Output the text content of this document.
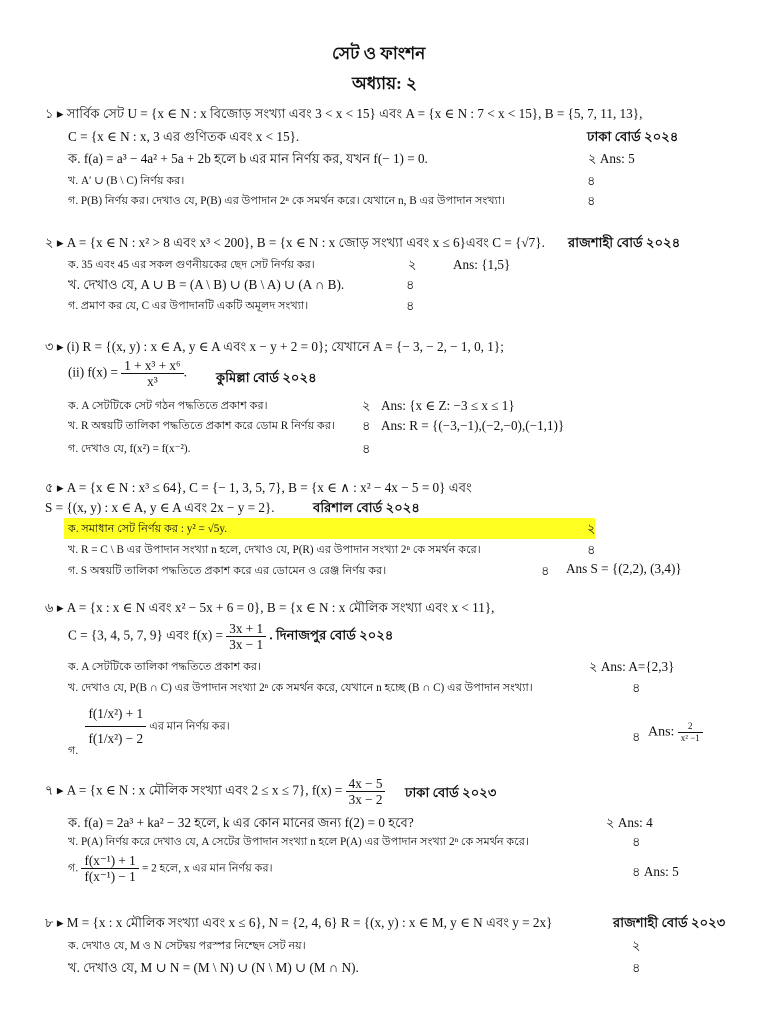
সেট ও ফাংশন
অধ্যায়: ২
১ ▸ সার্বিক সেট U = {x ∈ N : x বিজোড় সংখ্যা এবং 3 < x < 15} এবং A = {x ∈ N : 7 < x < 15}, B = {5, 7, 11, 13},
C = {x ∈ N : x, 3 এর গুণিতক এবং x < 15}.	ঢাকা বোর্ড ২০২৪
ক. f(a) = a³ − 4a² + 5a + 2b হলে b এর মান নির্ণয় কর, যখন f(− 1) = 0.	২ Ans: 5
খ. A′ ∪ (B \ C) নির্ণয় কর।	৪
গ. P(B) নির্ণয় কর। দেখাও যে, P(B) এর উপাদান 2ⁿ কে সমর্থন করে। যেখানে n, B এর উপাদান সংখ্যা।	৪
২ ▸ A = {x ∈ N : x² > 8 এবং x³ < 200}, B = {x ∈ N : x জোড় সংখ্যা এবং x ≤ 6}এবং C = {√7}. রাজশাহী বোর্ড ২০২৪
ক. 35 এবং 45 এর সকল গুণনীয়কের ছেদ সেট নির্ণয় কর।	২	Ans: {1,5}
খ. দেখাও যে, A ∪ B = (A \ B) ∪ (B \ A) ∪ (A ∩ B).	৪
গ. প্রমাণ কর যে, C এর উপাদানটি একটি অমূলদ সংখ্যা।	৪
৩ ▸ (i) R = {(x, y) : x ∈ A, y ∈ A এবং x − y + 2 = 0}; যেখানে A = {− 3, − 2, − 1, 0, 1};
(ii) $f(x) = \frac{\text{1 + x³ + x⁶}}{\text{x³}}$ . কুমিল্লা বোর্ড ২০২৪
ক. A সেটটিকে সেট গঠন পদ্ধতিতে প্রকাশ কর।	২ Ans: {x ∈ Z: −3 ≤ x ≤ 1}
খ. R অন্বয়টি তালিকা পদ্ধতিতে প্রকাশ করে ডোম R নির্ণয় কর। ৪ Ans: R = {(−3,−1),(−2,−0),(−1,1)}
গ. দেখাও যে, f(x²) = f(x⁻²).	৪
৫ ▸ A = {x ∈ N : x³ ≤ 64}, C = {− 1, 3, 5, 7}, B = {x ∈ ∧ : x² − 4x − 5 = 0} এবং
S = {(x, y) : x ∈ A, y ∈ A এবং 2x − y = 2}.	বরিশাল বোর্ড ২০২৪
ক. সমাধান সেট নির্ণয় কর : y² = √5y.	২
খ. R = C \ B এর উপাদান সংখ্যা n হলে, দেখাও যে, P(R) এর উপাদান সংখ্যা 2ⁿ কে সমর্থন করে।	৪
গ. S অন্বয়টি তালিকা পদ্ধতিতে প্রকাশ করে এর ডোমেন ও রেঞ্জ নির্ণয় কর।	৪ Ans S = {(2,2), (3,4)}
৬ ▸ A = {x : x ∈ N এবং x² − 5x + 6 = 0}, B = {x ∈ N : x মৌলিক সংখ্যা এবং x < 11},
C = {3, 4, 5, 7, 9} এবং $f(x) = \frac{3x + 1}{3x - 1}$ . দিনাজপুর বোর্ড ২০২৪
ক. A সেটটিকে তালিকা পদ্ধতিতে প্রকাশ কর।	২ Ans: A={2,3}
খ. দেখাও যে, P(B ∩ C) এর উপাদান সংখ্যা 2ⁿ কে সমর্থন করে, যেখানে n হচ্ছে (B ∩ C) এর উপাদান সংখ্যা।	৪
$_{গ.} \frac{\text{f(1/x²) + 1}}{\text{f(1/x²) − 2}}$ এর মান নির্ণয় কর।
৪ Ans: $\frac{2}{\text{x² −1}}$
৭ ▸ A = {x ∈ N : x মৌলিক সংখ্যা এবং 2 ≤ x ≤ 7}, $f(x) = \frac{4x - 5}{3x - 2}$ ঢাকা বোর্ড ২০২৩
ক. f(a) = 2a³ + ka² − 32 হলে, k এর কোন মানের জন্য f(2) = 0 হবে?	২ Ans: 4
খ. P(A) নির্ণয় করে দেখাও যে, A সেটের উপাদান সংখ্যা n হলে P(A) এর উপাদান সংখ্যা 2ⁿ কে সমর্থন করে।	৪
গ. $\frac{\text{f(x⁻¹) + 1}}{\text{f(x⁻¹) − 1}} = 2$ হলে, x এর মান নির্ণয় কর।	৪ Ans: 5
৮ ▸ M = {x : x মৌলিক সংখ্যা এবং x ≤ 6}, N = {2, 4, 6} R = {(x, y) : x ∈ M, y ∈ N এবং y = 2x}	রাজশাহী বোর্ড ২০২৩
ক. দেখাও যে, M ও N সেটদ্বয় পরস্পর নিশ্ছেদ সেট নয়।	২
খ. দেখাও যে, M ∪ N = (M \ N) ∪ (N \ M) ∪ (M ∩ N).	৪
